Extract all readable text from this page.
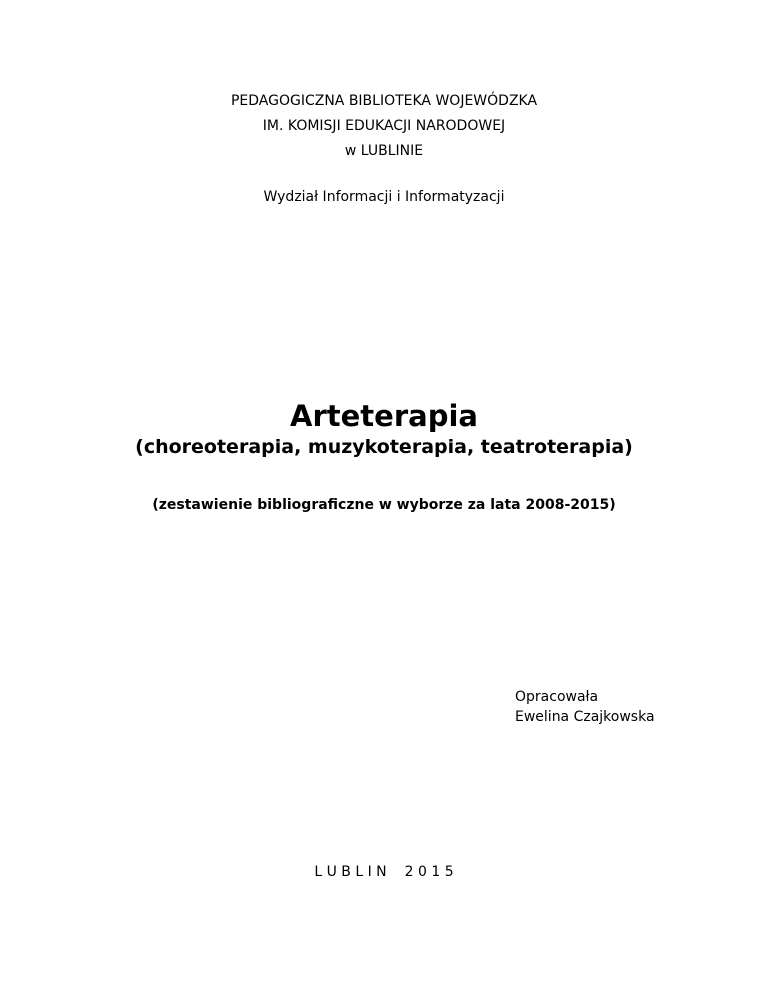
PEDAGOGICZNA BIBLIOTEKA WOJEWÓDZKA
IM. KOMISJI EDUKACJI NARODOWEJ
w LUBLINIE
Wydział Informacji i Informatyzacji
Arteterapia
(choreoterapia, muzykoterapia, teatroterapia)
(zestawienie bibliograficzne w wyborze za lata 2008-2015)
Opracowała
Ewelina Czajkowska
L U B L I N 2 0 1 5
